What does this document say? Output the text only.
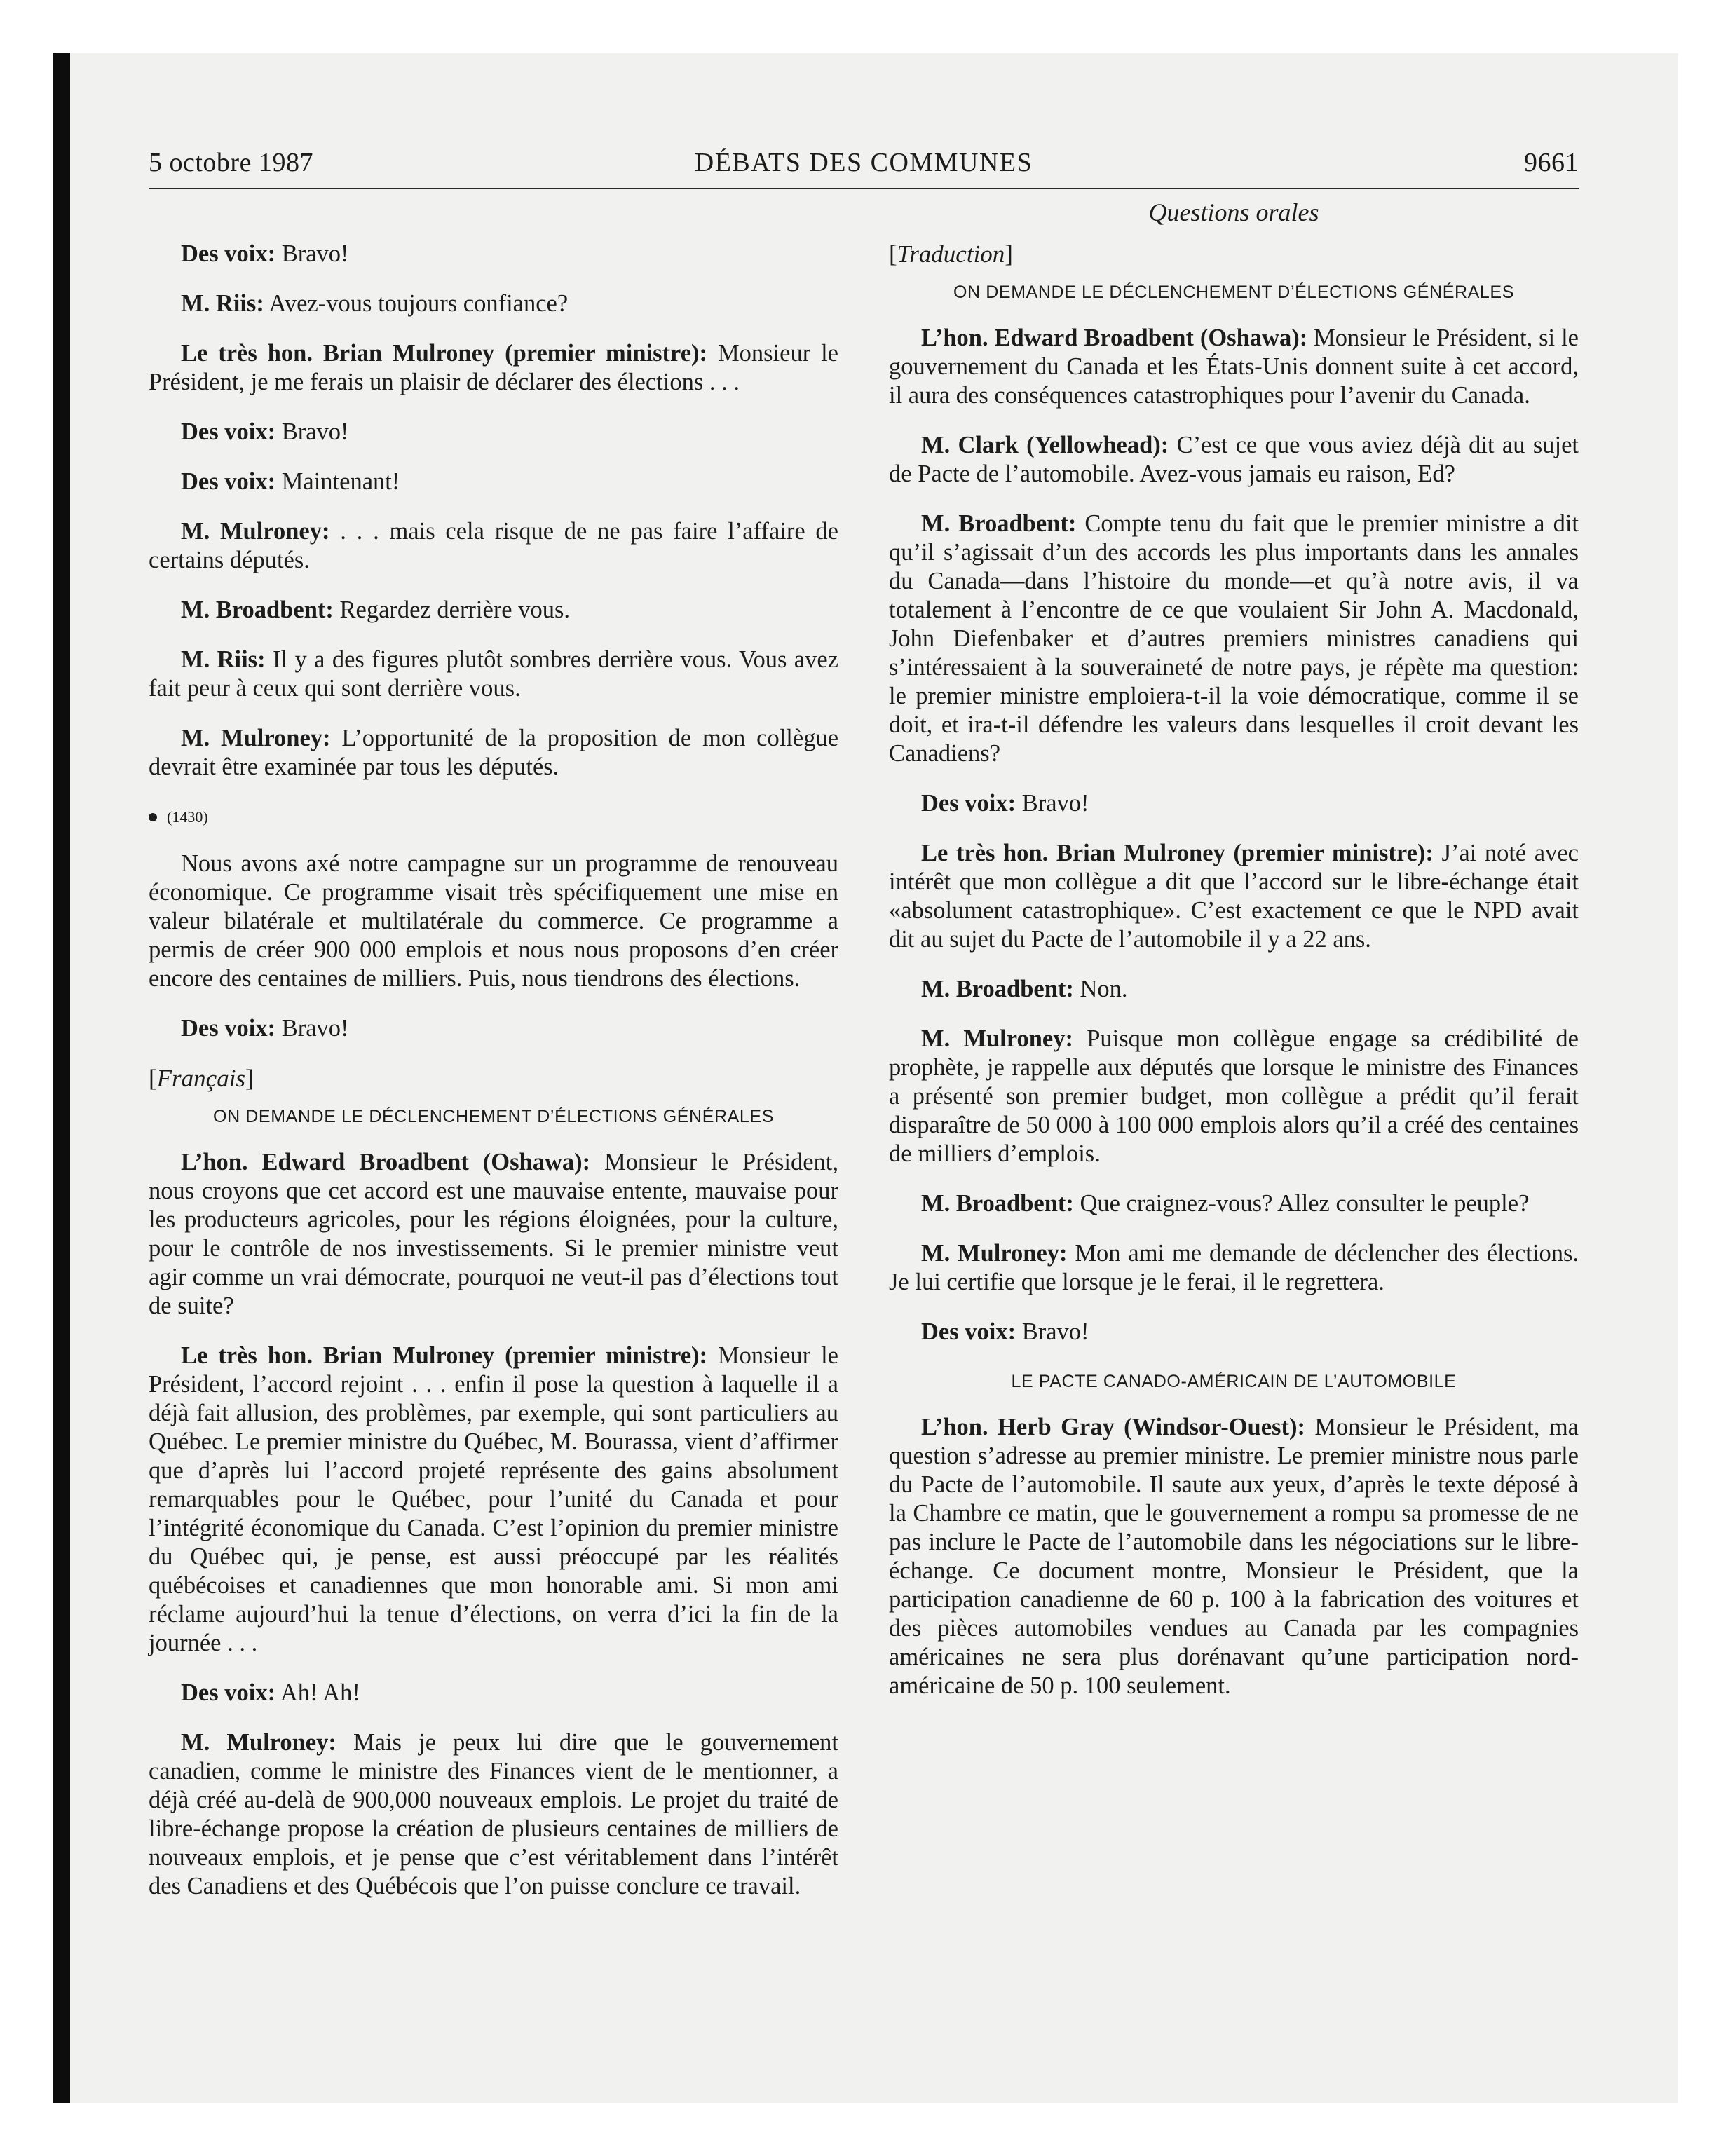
5 octobre 1987	DÉBATS DES COMMUNES	9661
Questions orales

Des voix: Bravo!

M. Riis: Avez-vous toujours confiance?

Le très hon. Brian Mulroney (premier ministre): Monsieur le Président, je me ferais un plaisir de déclarer des élections . . .

Des voix: Bravo!

Des voix: Maintenant!

M. Mulroney: . . . mais cela risque de ne pas faire l’affaire de certains députés.

M. Broadbent: Regardez derrière vous.

M. Riis: Il y a des figures plutôt sombres derrière vous. Vous avez fait peur à ceux qui sont derrière vous.

M. Mulroney: L’opportunité de la proposition de mon collègue devrait être examinée par tous les députés.

(1430)

Nous avons axé notre campagne sur un programme de renouveau économique. Ce programme visait très spécifiquement une mise en valeur bilatérale et multilatérale du commerce. Ce programme a permis de créer 900 000 emplois et nous nous proposons d’en créer encore des centaines de milliers. Puis, nous tiendrons des élections.

Des voix: Bravo!

[Français]

ON DEMANDE LE DÉCLENCHEMENT D’ÉLECTIONS GÉNÉRALES

L’hon. Edward Broadbent (Oshawa): Monsieur le Président, nous croyons que cet accord est une mauvaise entente, mauvaise pour les producteurs agricoles, pour les régions éloignées, pour la culture, pour le contrôle de nos investissements. Si le premier ministre veut agir comme un vrai démocrate, pourquoi ne veut-il pas d’élections tout de suite?

Le très hon. Brian Mulroney (premier ministre): Monsieur le Président, l’accord rejoint . . . enfin il pose la question à laquelle il a déjà fait allusion, des problèmes, par exemple, qui sont particuliers au Québec. Le premier ministre du Québec, M. Bourassa, vient d’affirmer que d’après lui l’accord projeté représente des gains absolument remarquables pour le Québec, pour l’unité du Canada et pour l’intégrité économique du Canada. C’est l’opinion du premier ministre du Québec qui, je pense, est aussi préoccupé par les réalités québécoises et canadiennes que mon honorable ami. Si mon ami réclame aujourd’hui la tenue d’élections, on verra d’ici la fin de la journée . . .

Des voix: Ah! Ah!

M. Mulroney: Mais je peux lui dire que le gouvernement canadien, comme le ministre des Finances vient de le mentionner, a déjà créé au-delà de 900,000 nouveaux emplois. Le projet du traité de libre-échange propose la création de plusieurs centaines de milliers de nouveaux emplois, et je pense que c’est véritablement dans l’intérêt des Canadiens et des Québécois que l’on puisse conclure ce travail.

[Traduction]

ON DEMANDE LE DÉCLENCHEMENT D’ÉLECTIONS GÉNÉRALES

L’hon. Edward Broadbent (Oshawa): Monsieur le Président, si le gouvernement du Canada et les États-Unis donnent suite à cet accord, il aura des conséquences catastrophiques pour l’avenir du Canada.

M. Clark (Yellowhead): C’est ce que vous aviez déjà dit au sujet de Pacte de l’automobile. Avez-vous jamais eu raison, Ed?

M. Broadbent: Compte tenu du fait que le premier ministre a dit qu’il s’agissait d’un des accords les plus importants dans les annales du Canada—dans l’histoire du monde—et qu’à notre avis, il va totalement à l’encontre de ce que voulaient Sir John A. Macdonald, John Diefenbaker et d’autres premiers ministres canadiens qui s’intéressaient à la souveraineté de notre pays, je répète ma question: le premier ministre emploiera-t-il la voie démocratique, comme il se doit, et ira-t-il défendre les valeurs dans lesquelles il croit devant les Canadiens?

Des voix: Bravo!

Le très hon. Brian Mulroney (premier ministre): J’ai noté avec intérêt que mon collègue a dit que l’accord sur le libre-échange était «absolument catastrophique». C’est exactement ce que le NPD avait dit au sujet du Pacte de l’automobile il y a 22 ans.

M. Broadbent: Non.

M. Mulroney: Puisque mon collègue engage sa crédibilité de prophète, je rappelle aux députés que lorsque le ministre des Finances a présenté son premier budget, mon collègue a prédit qu’il ferait disparaître de 50 000 à 100 000 emplois alors qu’il a créé des centaines de milliers d’emplois.

M. Broadbent: Que craignez-vous? Allez consulter le peuple?

M. Mulroney: Mon ami me demande de déclencher des élections. Je lui certifie que lorsque je le ferai, il le regrettera.

Des voix: Bravo!

LE PACTE CANADO-AMÉRICAIN DE L’AUTOMOBILE

L’hon. Herb Gray (Windsor-Ouest): Monsieur le Président, ma question s’adresse au premier ministre. Le premier ministre nous parle du Pacte de l’automobile. Il saute aux yeux, d’après le texte déposé à la Chambre ce matin, que le gouvernement a rompu sa promesse de ne pas inclure le Pacte de l’automobile dans les négociations sur le libre-échange. Ce document montre, Monsieur le Président, que la participation canadienne de 60 p. 100 à la fabrication des voitures et des pièces automobiles vendues au Canada par les compagnies américaines ne sera plus dorénavant qu’une participation nord-américaine de 50 p. 100 seulement.
